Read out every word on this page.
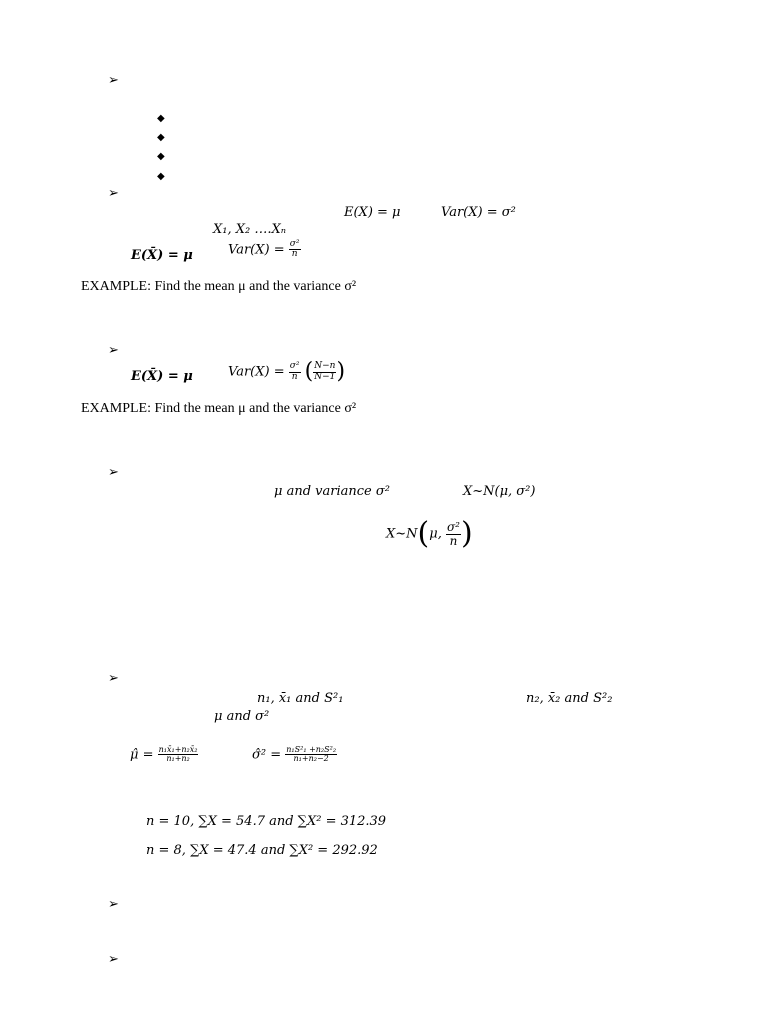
➢
◆
◆
◆
◆
➢
E(X) = μ	Var(X) = σ²
X₁, X₂ ….Xₙ
E(X̄) = μ	$Var(X) = \frac{\text{σ²}}{n}$
EXAMPLE: Find the mean μ and the variance σ²
➢
E(X̄) = μ	$Var(X) = \frac{\text{σ²}}{n}$ ( $\frac{N-n}{N-1}$ )
EXAMPLE: Find the mean μ and the variance σ²
➢
μ and variance σ²	X~N(μ, σ²)
X~N(μ, $\frac{\text{σ²}}{n}$ )
➢
n₁, x̄₁ and S²₁	n₂, x̄₂ and S²₂
μ and σ²
μ̂ = $\frac{\text{n₁x̄₁+n₂x̄₂}}{\text{n₁+n₂}}$	σ̂² = $\frac{\text{n₁S²₁ +n₂S²₂}}{\text{n₁+n₂−2}}$
n = 10, ∑X = 54.7 and ∑X² = 312.39
n = 8, ∑X = 47.4 and ∑X² = 292.92
➢
➢
